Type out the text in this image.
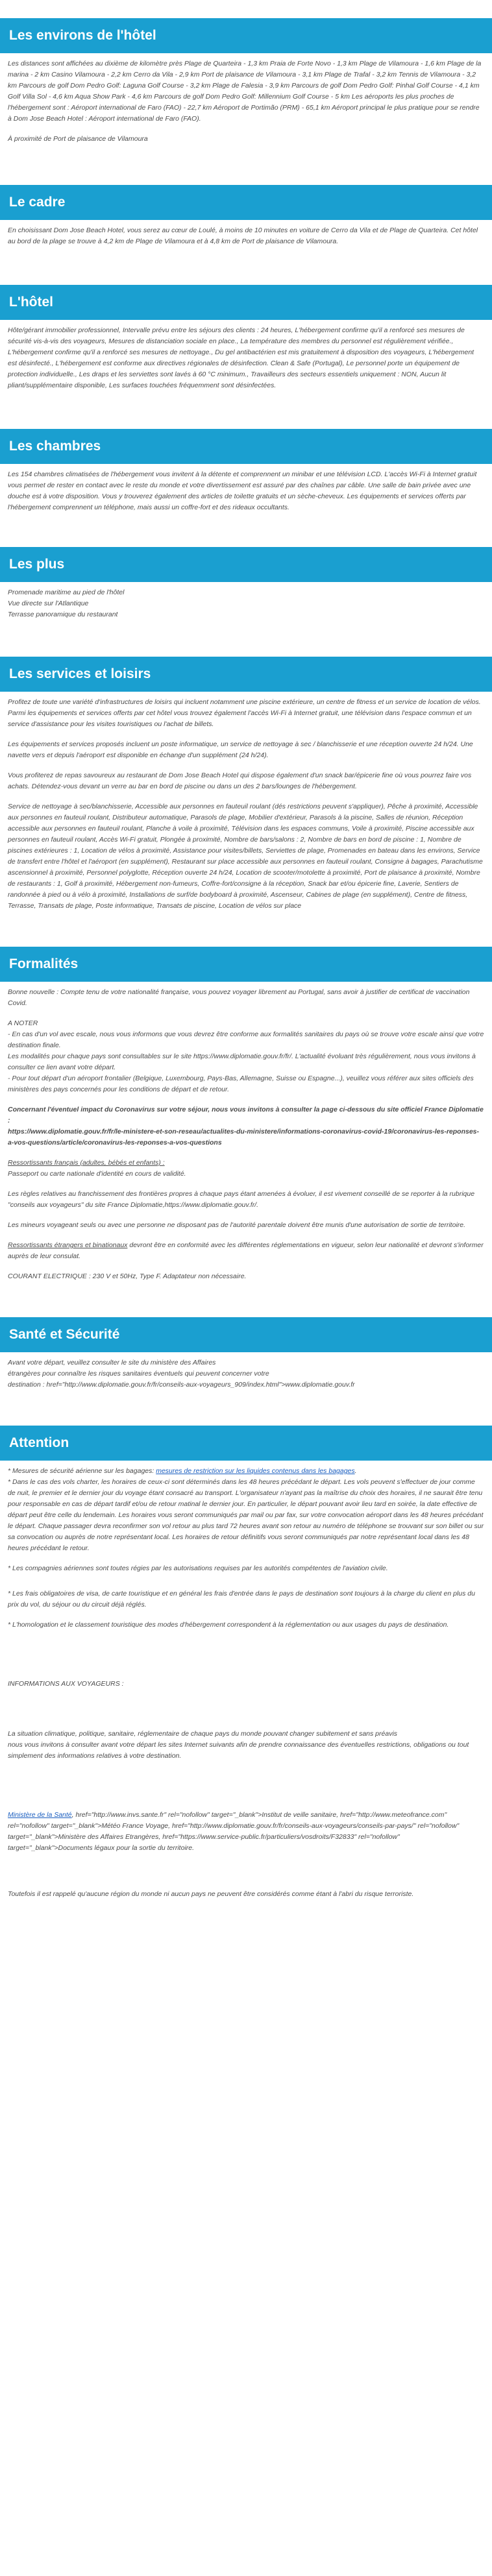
Les environs de l'hôtel

Les distances sont affichées au dixième de kilomètre près Plage de Quarteira - 1,3 km Praia de Forte Novo - 1,3 km Plage de Vilamoura - 1,6 km Plage de la marina - 2 km Casino Vilamoura - 2,2 km Cerro da Vila - 2,9 km Port de plaisance de Vilamoura - 3,1 km Plage de Trafal - 3,2 km Tennis de Vilamoura - 3,2 km Parcours de golf Dom Pedro Golf: Laguna Golf Course - 3,2 km Plage de Falesia - 3,9 km Parcours de golf Dom Pedro Golf: Pinhal Golf Course - 4,1 km Golf Villa Sol - 4,6 km Aqua Show Park - 4,6 km Parcours de golf Dom Pedro Golf: Millennium Golf Course - 5 km Les aéroports les plus proches de l'hébergement sont : Aéroport international de Faro (FAO) - 22,7 km Aéroport de Portimão (PRM) - 65,1 km Aéroport principal le plus pratique pour se rendre à Dom Jose Beach Hotel : Aéroport international de Faro (FAO).

À proximité de Port de plaisance de Vilamoura

Le cadre

En choisissant Dom Jose Beach Hotel, vous serez au cœur de Loulé, à moins de 10 minutes en voiture de Cerro da Vila et de Plage de Quarteira. Cet hôtel au bord de la plage se trouve à 4,2 km de Plage de Vilamoura et à 4,8 km de Port de plaisance de Vilamoura.

L'hôtel

Hôte/gérant immobilier professionnel, Intervalle prévu entre les séjours des clients : 24 heures, L'hébergement confirme qu'il a renforcé ses mesures de sécurité vis-à-vis des voyageurs, Mesures de distanciation sociale en place., La température des membres du personnel est régulièrement vérifiée., L'hébergement confirme qu'il a renforcé ses mesures de nettoyage., Du gel antibactérien est mis gratuitement à disposition des voyageurs, L'hébergement est désinfecté., L'hébergement est conforme aux directives régionales de désinfection. Clean & Safe (Portugal), Le personnel porte un équipement de protection individuelle., Les draps et les serviettes sont lavés à 60 °C minimum., Travailleurs des secteurs essentiels uniquement : NON, Aucun lit pliant/supplémentaire disponible, Les surfaces touchées fréquemment sont désinfectées.

Les chambres

Les 154 chambres climatisées de l'hébergement vous invitent à la détente et comprennent un minibar et une télévision LCD. L'accès Wi-Fi à Internet gratuit vous permet de rester en contact avec le reste du monde et votre divertissement est assuré par des chaînes par câble. Une salle de bain privée avec une douche est à votre disposition. Vous y trouverez également des articles de toilette gratuits et un sèche-cheveux. Les équipements et services offerts par l'hébergement comprennent un téléphone, mais aussi un coffre-fort et des rideaux occultants.

Les plus
Promenade maritime au pied de l'hôtel
Vue directe sur l'Atlantique
Terrasse panoramique du restaurant
Les services et loisirs

Profitez de toute une variété d'infrastructures de loisirs qui incluent notamment une piscine extérieure, un centre de fitness et un service de location de vélos. Parmi les équipements et services offerts par cet hôtel vous trouvez également l'accès Wi-Fi à Internet gratuit, une télévision dans l'espace commun et un service d'assistance pour les visites touristiques ou l'achat de billets.

Les équipements et services proposés incluent un poste informatique, un service de nettoyage à sec / blanchisserie et une réception ouverte 24 h/24. Une navette vers et depuis l'aéroport est disponible en échange d'un supplément (24 h/24).

Vous profiterez de repas savoureux au restaurant de Dom Jose Beach Hotel qui dispose également d'un snack bar/épicerie fine où vous pourrez faire vos achats. Détendez-vous devant un verre au bar en bord de piscine ou dans un des 2 bars/lounges de l'hébergement.

Service de nettoyage à sec/blanchisserie, Accessible aux personnes en fauteuil roulant (dés restrictions peuvent s'appliquer), Pêche à proximité, Accessible aux personnes en fauteuil roulant, Distributeur automatique, Parasols de plage, Mobilier d'extérieur, Parasols à la piscine, Salles de réunion, Réception accessible aux personnes en fauteuil roulant, Planche à voile à proximité, Télévision dans les espaces communs, Voile à proximité, Piscine accessible aux personnes en fauteuil roulant, Accès Wi-Fi gratuit, Plongée à proximité, Nombre de bars/salons : 2, Nombre de bars en bord de piscine : 1, Nombre de piscines extérieures : 1, Location de vélos à proximité, Assistance pour visites/billets, Serviettes de plage, Promenades en bateau dans les environs, Service de transfert entre l'hôtel et l'aéroport (en supplément), Restaurant sur place accessible aux personnes en fauteuil roulant, Consigne à bagages, Parachutisme ascensionnel à proximité, Personnel polyglotte, Réception ouverte 24 h/24, Location de scooter/motolette à proximité, Port de plaisance à proximité, Nombre de restaurants : 1, Golf à proximité, Hébergement non-fumeurs, Coffre-fort/consigne à la réception, Snack bar et/ou épicerie fine, Laverie, Sentiers de randonnée à pied ou à vélo à proximité, Installations de surf/de bodyboard à proximité, Ascenseur, Cabines de plage (en supplément), Centre de fitness, Terrasse, Transats de plage, Poste informatique, Transats de piscine, Location de vélos sur place

Formalités

Bonne nouvelle : Compte tenu de votre nationalité française, vous pouvez voyager librement au Portugal, sans avoir à justifier de certificat de vaccination Covid.

A NOTER
- En cas d'un vol avec escale, nous vous informons que vous devrez être conforme aux formalités sanitaires du pays où se trouve votre escale ainsi que votre destination finale.
Les modalités pour chaque pays sont consultables sur le site https://www.diplomatie.gouv.fr/fr/. L'actualité évoluant très régulièrement, nous vous invitons à consulter ce lien avant votre départ.
- Pour tout départ d'un aéroport frontalier (Belgique, Luxembourg, Pays-Bas, Allemagne, Suisse ou Espagne...), veuillez vous référer aux sites officiels des ministères des pays concernés pour les conditions de départ et de retour.

Concernant l'éventuel impact du Coronavirus sur votre séjour, nous vous invitons à consulter la page ci-dessous du site officiel France Diplomatie :
https://www.diplomatie.gouv.fr/fr/le-ministere-et-son-reseau/actualites-du-ministere/informations-coronavirus-covid-19/coronavirus-les-reponses-a-vos-questions/article/coronavirus-les-reponses-a-vos-questions

Ressortissants français (adultes, bébés et enfants) :
Passeport ou carte nationale d'identité en cours de validité.

Les règles relatives au franchissement des frontières propres à chaque pays étant amenées à évoluer, il est vivement conseillé de se reporter à la rubrique "conseils aux voyageurs" du site France Diplomatie,https://www.diplomatie.gouv.fr/.

Les mineurs voyageant seuls ou avec une personne ne disposant pas de l'autorité parentale doivent être munis d'une autorisation de sortie de territoire.

Ressortissants étrangers et binationaux devront être en conformité avec les différentes réglementations en vigueur, selon leur nationalité et devront s'informer auprès de leur consulat.

COURANT ELECTRIQUE : 230 V et 50Hz, Type F. Adaptateur non nécessaire.

Santé et Sécurité

Avant votre départ, veuillez consulter le site du ministère des Affaires
étrangères pour connaître les risques sanitaires éventuels qui peuvent concerner votre
destination : href="http://www.diplomatie.gouv.fr/fr/conseils-aux-voyageurs_909/index.html">www.diplomatie.gouv.fr

Attention

* Mesures de sécurité aérienne sur les bagages: mesures de restriction sur les liquides contenus dans les bagages.

* Dans le cas des vols charter, les horaires de ceux-ci sont déterminés dans les 48 heures précédant le départ. Les vols peuvent s'effectuer de jour comme de nuit, le premier et le dernier jour du voyage étant consacré au transport. L'organisateur n'ayant pas la maîtrise du choix des horaires, il ne saurait être tenu pour responsable en cas de départ tardif et/ou de retour matinal le dernier jour. En particulier, le départ pouvant avoir lieu tard en soirée, la date effective de départ peut être celle du lendemain. Les horaires vous seront communiqués par mail ou par fax, sur votre convocation aéroport dans les 48 heures précédant le départ. Chaque passager devra reconfirmer son vol retour au plus tard 72 heures avant son retour au numéro de téléphone se trouvant sur son billet ou sur sa convocation ou auprès de notre représentant local. Les horaires de retour définitifs vous seront communiqués par notre représentant local dans les 48 heures précédant le retour.

* Les compagnies aériennes sont toutes régies par les autorisations requises par les autorités compétentes de l'aviation civile.

* Les frais obligatoires de visa, de carte touristique et en général les frais d'entrée dans le pays de destination sont toujours à la charge du client en plus du prix du vol, du séjour ou du circuit déjà réglés.

* L'homologation et le classement touristique des modes d'hébergement correspondent à la réglementation ou aux usages du pays de destination.

INFORMATIONS AUX VOYAGEURS :

La situation climatique, politique, sanitaire, réglementaire de chaque pays du monde pouvant changer subitement et sans préavis
nous vous invitons à consulter avant votre départ les sites Internet suivants afin de prendre connaissance des éventuelles restrictions, obligations ou tout simplement des informations relatives à votre destination.

Ministère de la Santé, href="http://www.invs.sante.fr" rel="nofollow" target="_blank">Institut de veille sanitaire, href="http://www.meteofrance.com" rel="nofollow" target="_blank">Météo France Voyage, href="http://www.diplomatie.gouv.fr/fr/conseils-aux-voyageurs/conseils-par-pays/" rel="nofollow" target="_blank">Ministère des Affaires Etrangères, href="https://www.service-public.fr/particuliers/vosdroits/F32833" rel="nofollow" target="_blank">Documents légaux pour la sortie du territoire.

Toutefois il est rappelé qu'aucune région du monde ni aucun pays ne peuvent être considérés comme étant à l'abri du risque terroriste.
